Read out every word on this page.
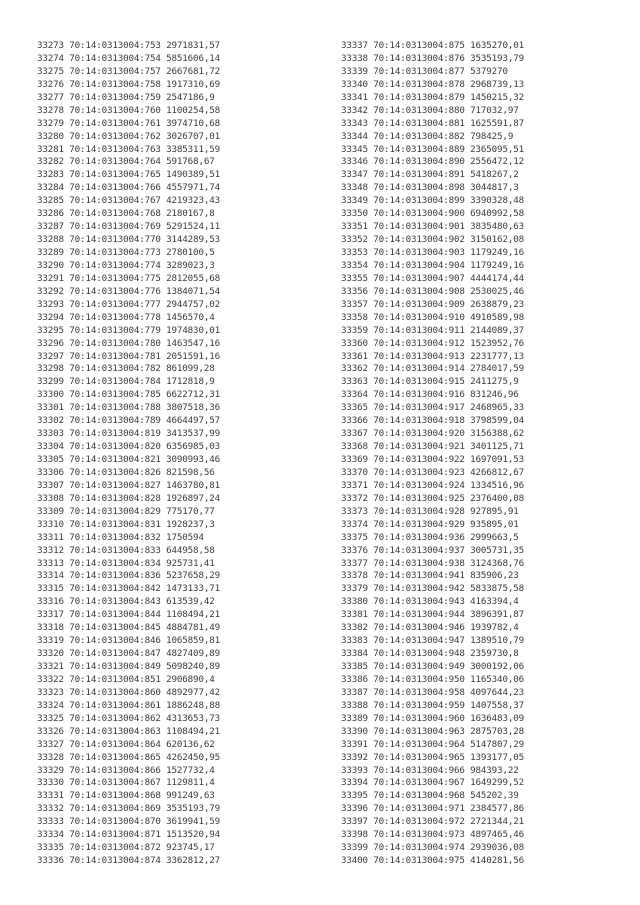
33273 70:14:0313004:753 2971831,57
33274 70:14:0313004:754 5851606,14
33275 70:14:0313004:757 2667681,72
33276 70:14:0313004:758 1917310,69
33277 70:14:0313004:759 2547186,9
33278 70:14:0313004:760 1100254,58
33279 70:14:0313004:761 3974710,68
33280 70:14:0313004:762 3026707,01
33281 70:14:0313004:763 3385311,59
33282 70:14:0313004:764 591768,67
33283 70:14:0313004:765 1490389,51
33284 70:14:0313004:766 4557971,74
33285 70:14:0313004:767 4219323,43
33286 70:14:0313004:768 2180167,8
33287 70:14:0313004:769 5291524,11
33288 70:14:0313004:770 3144289,53
33289 70:14:0313004:773 2780100,5
33290 70:14:0313004:774 3289023,3
33291 70:14:0313004:775 2812055,68
33292 70:14:0313004:776 1384071,54
33293 70:14:0313004:777 2944757,02
33294 70:14:0313004:778 1456570,4
33295 70:14:0313004:779 1974830,01
33296 70:14:0313004:780 1463547,16
33297 70:14:0313004:781 2051591,16
33298 70:14:0313004:782 861099,28
33299 70:14:0313004:784 1712818,9
33300 70:14:0313004:785 6622712,31
33301 70:14:0313004:788 3807518,36
33302 70:14:0313004:789 4664497,57
33303 70:14:0313004:819 3413537,99
33304 70:14:0313004:820 6356985,03
33305 70:14:0313004:821 3090993,46
33306 70:14:0313004:826 821598,56
33307 70:14:0313004:827 1463780,81
33308 70:14:0313004:828 1926897,24
33309 70:14:0313004:829 775170,77
33310 70:14:0313004:831 1928237,3
33311 70:14:0313004:832 1750594
33312 70:14:0313004:833 644958,58
33313 70:14:0313004:834 925731,41
33314 70:14:0313004:836 5237658,29
33315 70:14:0313004:842 1473133,71
33316 70:14:0313004:843 613539,42
33317 70:14:0313004:844 1108494,21
33318 70:14:0313004:845 4884781,49
33319 70:14:0313004:846 1065859,81
33320 70:14:0313004:847 4827409,89
33321 70:14:0313004:849 5098240,89
33322 70:14:0313004:851 2906890,4
33323 70:14:0313004:860 4892977,42
33324 70:14:0313004:861 1886248,88
33325 70:14:0313004:862 4313653,73
33326 70:14:0313004:863 1108494,21
33327 70:14:0313004:864 620136,62
33328 70:14:0313004:865 4262450,95
33329 70:14:0313004:866 1527732,4
33330 70:14:0313004:867 1129811,4
33331 70:14:0313004:868 991249,63
33332 70:14:0313004:869 3535193,79
33333 70:14:0313004:870 3619941,59
33334 70:14:0313004:871 1513520,94
33335 70:14:0313004:872 923745,17
33336 70:14:0313004:874 3362812,27
33337 70:14:0313004:875 1635270,01
33338 70:14:0313004:876 3535193,79
33339 70:14:0313004:877 5379270
33340 70:14:0313004:878 2968739,13
33341 70:14:0313004:879 1450215,32
33342 70:14:0313004:880 717032,97
33343 70:14:0313004:881 1625591,87
33344 70:14:0313004:882 798425,9
33345 70:14:0313004:889 2365095,51
33346 70:14:0313004:890 2556472,12
33347 70:14:0313004:891 5418267,2
33348 70:14:0313004:898 3044817,3
33349 70:14:0313004:899 3390328,48
33350 70:14:0313004:900 6940992,58
33351 70:14:0313004:901 3835480,63
33352 70:14:0313004:902 3150162,08
33353 70:14:0313004:903 1179249,16
33354 70:14:0313004:904 1179249,16
33355 70:14:0313004:907 4444174,44
33356 70:14:0313004:908 2530025,46
33357 70:14:0313004:909 2638879,23
33358 70:14:0313004:910 4910589,98
33359 70:14:0313004:911 2144089,37
33360 70:14:0313004:912 1523952,76
33361 70:14:0313004:913 2231777,13
33362 70:14:0313004:914 2784017,59
33363 70:14:0313004:915 2411275,9
33364 70:14:0313004:916 831246,96
33365 70:14:0313004:917 2468965,33
33366 70:14:0313004:918 3798599,04
33367 70:14:0313004:920 3156388,62
33368 70:14:0313004:921 3401125,71
33369 70:14:0313004:922 1697091,53
33370 70:14:0313004:923 4266812,67
33371 70:14:0313004:924 1334516,96
33372 70:14:0313004:925 2376400,08
33373 70:14:0313004:928 927895,91
33374 70:14:0313004:929 935895,01
33375 70:14:0313004:936 2999663,5
33376 70:14:0313004:937 3005731,35
33377 70:14:0313004:938 3124368,76
33378 70:14:0313004:941 835906,23
33379 70:14:0313004:942 5833875,58
33380 70:14:0313004:943 4163394,4
33381 70:14:0313004:944 3896391,87
33382 70:14:0313004:946 1939782,4
33383 70:14:0313004:947 1389510,79
33384 70:14:0313004:948 2359730,8
33385 70:14:0313004:949 3000192,06
33386 70:14:0313004:950 1165340,06
33387 70:14:0313004:958 4097644,23
33388 70:14:0313004:959 1407558,37
33389 70:14:0313004:960 1636483,09
33390 70:14:0313004:963 2875703,28
33391 70:14:0313004:964 5147807,29
33392 70:14:0313004:965 1393177,05
33393 70:14:0313004:966 984393,22
33394 70:14:0313004:967 1649299,52
33395 70:14:0313004:968 545202,39
33396 70:14:0313004:971 2384577,86
33397 70:14:0313004:972 2721344,21
33398 70:14:0313004:973 4897465,46
33399 70:14:0313004:974 2939036,08
33400 70:14:0313004:975 4140281,56
